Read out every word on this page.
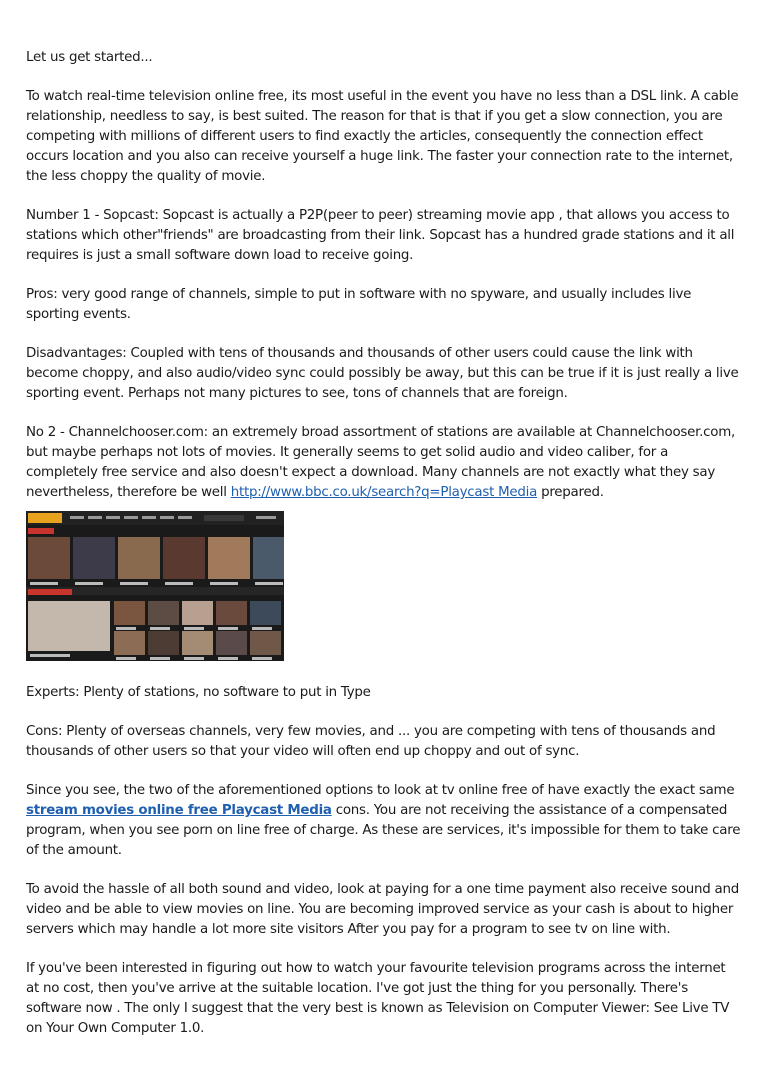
Let us get started...

To watch real-time television online free, its most useful in the event you have no less than a DSL link. A cable relationship, needless to say, is best suited. The reason for that is that if you get a slow connection, you are competing with millions of different users to find exactly the articles, consequently the connection effect occurs location and you also can receive yourself a huge link. The faster your connection rate to the internet, the less choppy the quality of movie.

Number 1 - Sopcast: Sopcast is actually a P2P(peer to peer) streaming movie app , that allows you access to stations which other"friends" are broadcasting from their link. Sopcast has a hundred grade stations and it all requires is just a small software down load to receive going.

Pros: very good range of channels, simple to put in software with no spyware, and usually includes live sporting events.

Disadvantages: Coupled with tens of thousands and thousands of other users could cause the link with become choppy, and also audio/video sync could possibly be away, but this can be true if it is just really a live sporting event. Perhaps not many pictures to see, tons of channels that are foreign.

No 2 - Channelchooser.com: an extremely broad assortment of stations are available at Channelchooser.com, but maybe perhaps not lots of movies. It generally seems to get solid audio and video caliber, for a completely free service and also doesn't expect a download. Many channels are not exactly what they say nevertheless, therefore be well http://www.bbc.co.uk/search?q=Playcast Media prepared.

Experts: Plenty of stations, no software to put in Type

Cons: Plenty of overseas channels, very few movies, and ... you are competing with tens of thousands and thousands of other users so that your video will often end up choppy and out of sync.

Since you see, the two of the aforementioned options to look at tv online free of have exactly the exact same stream movies online free Playcast Media cons. You are not receiving the assistance of a compensated program, when you see porn on line free of charge. As these are services, it's impossible for them to take care of the amount.

To avoid the hassle of all both sound and video, look at paying for a one time payment also receive sound and video and be able to view movies on line. You are becoming improved service as your cash is about to higher servers which may handle a lot more site visitors After you pay for a program to see tv on line with.

If you've been interested in figuring out how to watch your favourite television programs across the internet at no cost, then you've arrive at the suitable location. I've got just the thing for you personally. There's software now . The only I suggest that the very best is known as Television on Computer Viewer: See Live TV on Your Own Computer 1.0.
